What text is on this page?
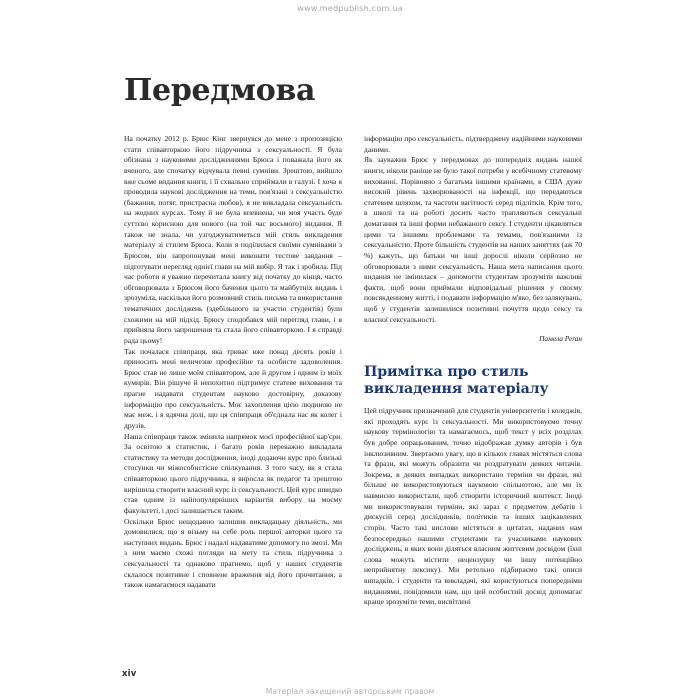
www.medpublish.com.ua
Передмова

На початку 2012 р. Брюс Кінг звернувся до мене з пропозицією стати співавторкою його підручника з сексуальності. Я була обізнана з науковими дослідженнями Брюса і поважала його як вченого, але спочатку відчувала певні сумніви. Зрештою, вийшло вже сьоме видання книги, і її схвально сприймали в галузі. І хоча я проводила наукові дослідження на теми, пов'язані з сексуальністю (бажання, потяг, пристрасна любов), я не викладала сексуальність на жодних курсах. Тому й не була впевнена, чи моя участь буде суттєво корисною для нового (на той час восьмого) видання. Я також не знала, чи узгоджуватиметься мій стиль викладення матеріалу зі стилем Брюса. Коли я поділилася своїми сумнівами з Брюсом, він запропонував мені виконати тестове завдання – підготувати перегляд однієї глави на мій вибір. Я так і зробила. Під час роботи я уважно перечитала книгу від початку до кінця, часто обговорювала з Брюсом його бачення цього та майбутніх видань і зрозуміла, наскільки його розмовний стиль письма та використання тематичних досліджень (здебільшого за участю студентів) були схожими на мій підхід. Брюсу сподобався мій перегляд глави, і я прийняла його запрошення та стала його співавторкою. І я справді рада цьому!

Так почалася співпраця, яка триває вже понад десять років і приносить мені величезне професійне та особисте задоволення. Брюс став не лише моїм співавтором, але й другом і одним із моїх кумирів. Він рішуче й непохитно підтримує статеве виховання та прагне надавати студентам науково достовірну, доказову інформацію про сексуальність. Моє захоплення цією людиною не має меж, і я вдячна долі, що ця співпраця об'єднала нас як колег і друзів.

Наша співпраця також змінила напрямок моєї професійної кар'єри. За освітою я статистик, і багато років переважно викладала статистику та методи дослідження, іноді додаючи курс про близькі стосунки чи міжособистісне спілкування. З того часу, як я стала співавторкою цього підручника, я виросла як педагог та зрештою вирішила створити власний курс із сексуальності. Цей курс швидко став одним із найпопулярніших варіантів вибору на моєму факультеті, і досі залишається таким.

Оскільки Брюс нещодавно залишив викладацьку діяльність, ми домовилися, що я візьму на себе роль першої авторки цього та наступних видань. Брюс і надалі надаватиме допомогу по змозі. Ми з ним маємо схожі погляди на мету та стиль підручника з сексуальності та однаково прагнемо, щоб у наших студентів склалося позитивне і сповнене враження від його прочитання, а також намагаємося надавати

інформацію про сексуальність, підтверджену надійними науковими даними.

Як зауважив Брюс у передмовах до попередніх видань нашої книги, ніколи раніше не було такої потреби у всебічному статевому вихованні. Порівняно з багатьма іншими країнами, в США дуже високий рівень захворюваності на інфекції, що передаються статевим шляхом, та частоти вагітності серед підлітків. Крім того, в школі та на роботі досить часто трапляються сексуальні домагання та інші форми небажаного сексу. І студенти цікавляться цими та іншими проблемами та темами, пов'язаними із сексуальністю. Проте більшість студентів на наших заняттях (аж 70 %) кажуть, що батьки чи інші дорослі ніколи серйозно не обговорювали з ними сексуальність. Наша мета написання цього видання не змінилася – допомогти студентам зрозуміти важливі факти, щоб вони приймали відповідальні рішення у своєму повсякденному житті, і подавати інформацію м'яко, без залякувань, щоб у студентів залишилися позитивні почуття щодо сексу та власної сексуальності.

Памела Реґан

Примітка про стиль викладення матеріалу

Цей підручник призначений для студентів університетів і коледжів, які проходять курс із сексуальності. Ми використовуємо точну наукову термінологію та намагаємось, щоб текст у всіх розділах був добре опрацьованим, точно відображав думку авторів і був інклюзивним. Звертаємо увагу, що в кількох главах містяться слова та фрази, які можуть образити чи роздратувати деяких читачів. Зокрема, в деяких випадках використано терміни чи фрази, які більше не використовуються науковою спільнотою, але ми їх навмисно використали, щоб створити історичний контекст. Іноді ми використовували терміни, які зараз є предметом дебатів і дискусій серед дослідників, політиків та інших зацікавлених сторін. Часто такі вислови містяться в цитатах, наданих нам безпосередньо нашими студентами та учасниками наукових досліджень, в яких вони діляться власним життєвим досвідом (їхні слова можуть містити нецензурну чи іншу потенційно неприйнятну лексику). Ми ретельно підбираємо такі описи випадків, і студенти та викладачі, які користуються попередніми виданнями, повідомили нам, що цей особистий досвід допомагає краще зрозуміти теми, висвітлені

xiv
Матеріал захищений авторським правом
